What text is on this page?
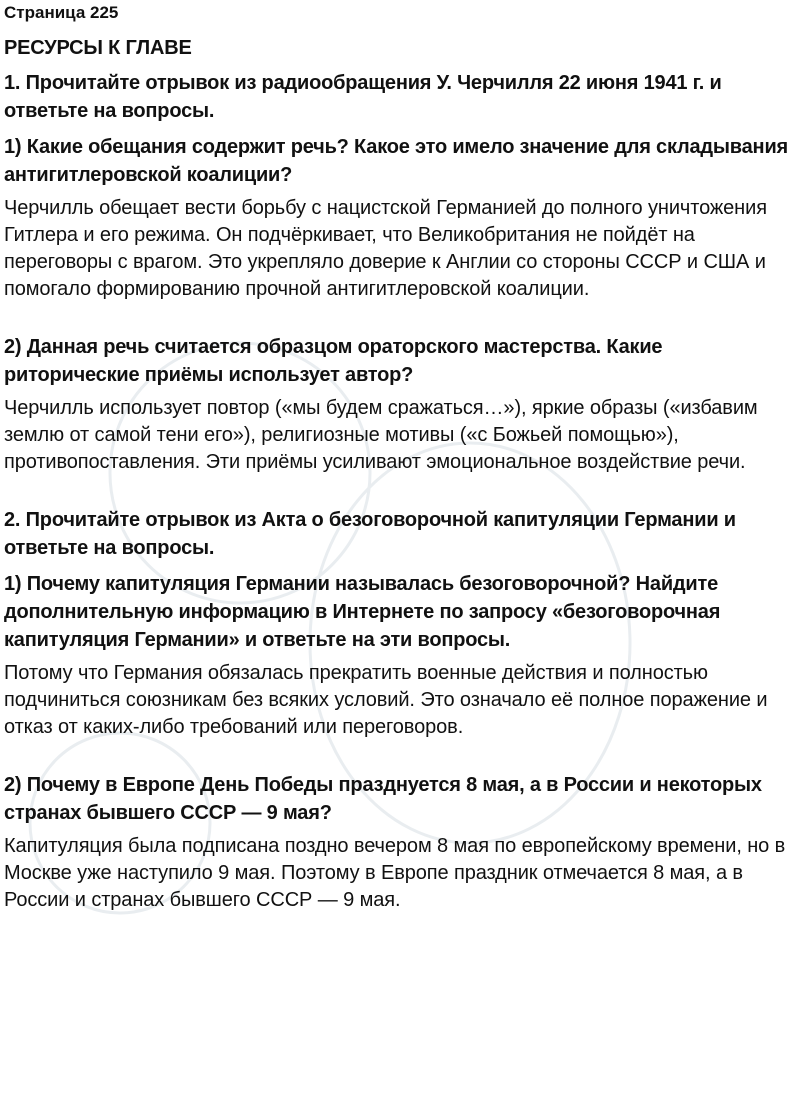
Страница 225
РЕСУРСЫ К ГЛАВЕ
1. Прочитайте отрывок из радиообращения У. Черчилля 22 июня 1941 г. и ответьте на вопросы.
1) Какие обещания содержит речь? Какое это имело значение для складывания антигитлеровской коалиции?
Черчилль обещает вести борьбу с нацистской Германией до полного уничтожения Гитлера и его режима. Он подчёркивает, что Великобритания не пойдёт на переговоры с врагом. Это укрепляло доверие к Англии со стороны СССР и США и помогало формированию прочной антигитлеровской коалиции.
2) Данная речь считается образцом ораторского мастерства. Какие риторические приёмы использует автор?
Черчилль использует повтор («мы будем сражаться…»), яркие образы («избавим землю от самой тени его»), религиозные мотивы («с Божьей помощью»), противопоставления. Эти приёмы усиливают эмоциональное воздействие речи.
2. Прочитайте отрывок из Акта о безоговорочной капитуляции Германии и ответьте на вопросы.
1) Почему капитуляция Германии называлась безоговорочной? Найдите дополнительную информацию в Интернете по запросу «безоговорочная капитуляция Германии» и ответьте на эти вопросы.
Потому что Германия обязалась прекратить военные действия и полностью подчиниться союзникам без всяких условий. Это означало её полное поражение и отказ от каких-либо требований или переговоров.
2) Почему в Европе День Победы празднуется 8 мая, а в России и некоторых странах бывшего СССР — 9 мая?
Капитуляция была подписана поздно вечером 8 мая по европейскому времени, но в Москве уже наступило 9 мая. Поэтому в Европе праздник отмечается 8 мая, а в России и странах бывшего СССР — 9 мая.
